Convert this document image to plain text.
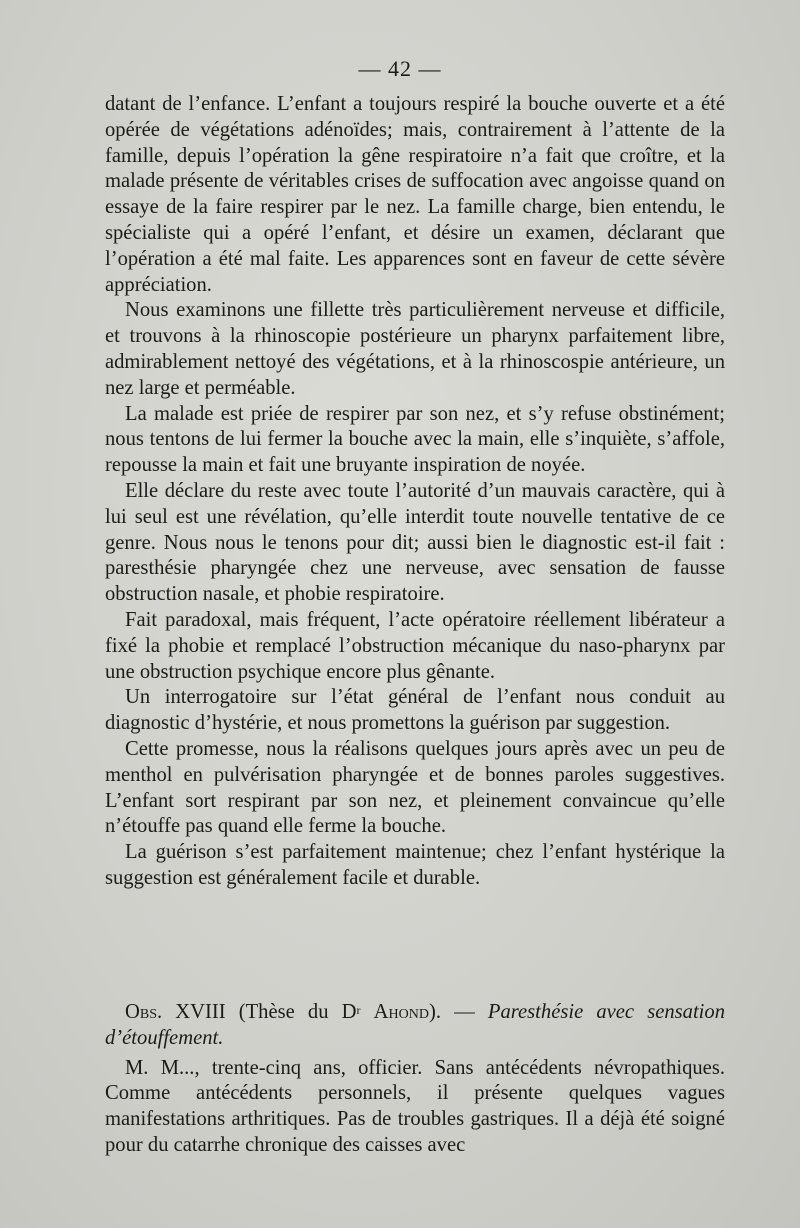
— 42 —

datant de l’enfance. L’enfant a toujours respiré la bouche ouverte et a été opérée de végétations adénoïdes; mais, contrairement à l’attente de la famille, depuis l’opération la gêne respiratoire n’a fait que croître, et la malade présente de véritables crises de suffocation avec angoisse quand on essaye de la faire respirer par le nez. La famille charge, bien entendu, le spécialiste qui a opéré l’enfant, et désire un examen, déclarant que l’opération a été mal faite. Les apparences sont en faveur de cette sévère appréciation.

Nous examinons une fillette très particulièrement nerveuse et difficile, et trouvons à la rhinoscopie postérieure un pharynx parfaitement libre, admirablement nettoyé des végétations, et à la rhinoscospie antérieure, un nez large et perméable.

La malade est priée de respirer par son nez, et s’y refuse obstinément; nous tentons de lui fermer la bouche avec la main, elle s’inquiète, s’affole, repousse la main et fait une bruyante inspiration de noyée.

Elle déclare du reste avec toute l’autorité d’un mauvais caractère, qui à lui seul est une révélation, qu’elle interdit toute nouvelle tentative de ce genre. Nous nous le tenons pour dit; aussi bien le diagnostic est-il fait : paresthésie pharyngée chez une nerveuse, avec sensation de fausse obstruction nasale, et phobie respiratoire.

Fait paradoxal, mais fréquent, l’acte opératoire réellement libérateur a fixé la phobie et remplacé l’obstruction mécanique du naso-pharynx par une obstruction psychique encore plus gênante.

Un interrogatoire sur l’état général de l’enfant nous conduit au diagnostic d’hystérie, et nous promettons la guérison par suggestion.

Cette promesse, nous la réalisons quelques jours après avec un peu de menthol en pulvérisation pharyngée et de bonnes paroles suggestives. L’enfant sort respirant par son nez, et pleinement convaincue qu’elle n’étouffe pas quand elle ferme la bouche.

La guérison s’est parfaitement maintenue; chez l’enfant hystérique la suggestion est généralement facile et durable.

Obs. XVIII (Thèse du $D^r$ Ahond). — Paresthésie avec sensation d’étouffement.

M. M..., trente-cinq ans, officier. Sans antécédents névropathiques. Comme antécédents personnels, il présente quelques vagues manifestations arthritiques. Pas de troubles gastriques. Il a déjà été soigné pour du catarrhe chronique des caisses avec
